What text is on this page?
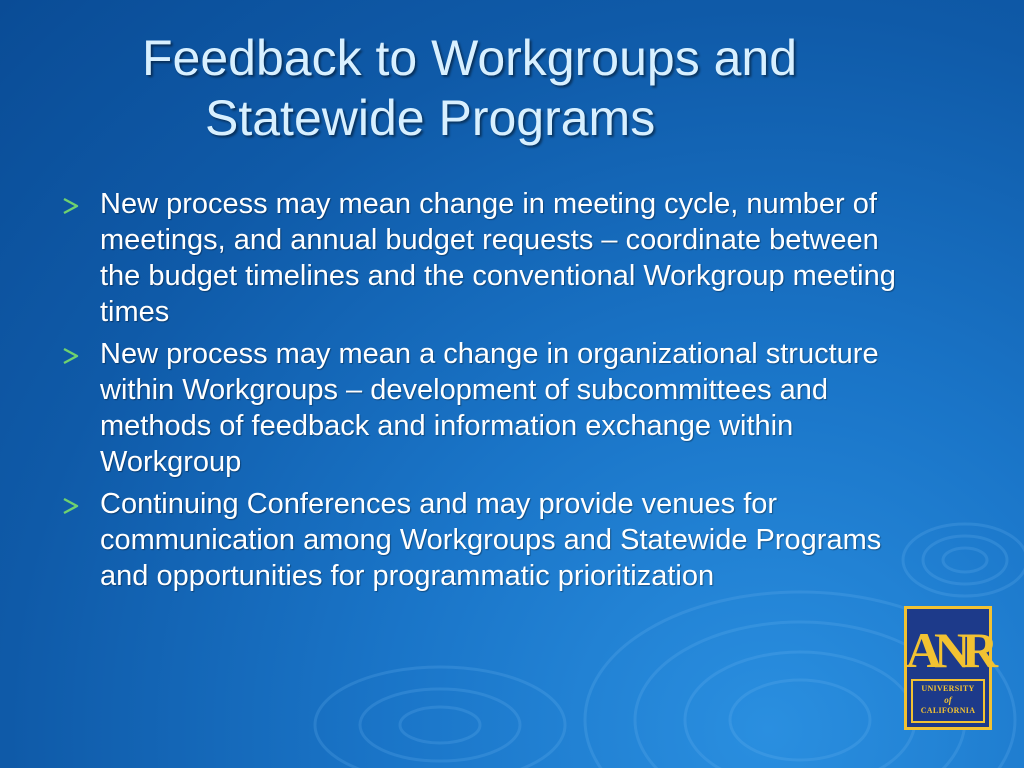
Feedback to Workgroups and
Statewide Programs
New process may mean change in meeting cycle, number of meetings, and annual budget requests – coordinate between the budget timelines and the conventional Workgroup meeting times
New process may mean a change in organizational structure within Workgroups – development of subcommittees and methods of feedback and information exchange within Workgroup
Continuing Conferences and may provide venues for communication among Workgroups and Statewide Programs and opportunities for programmatic prioritization
ANR
UNIVERSITY
of
CALIFORNIA
